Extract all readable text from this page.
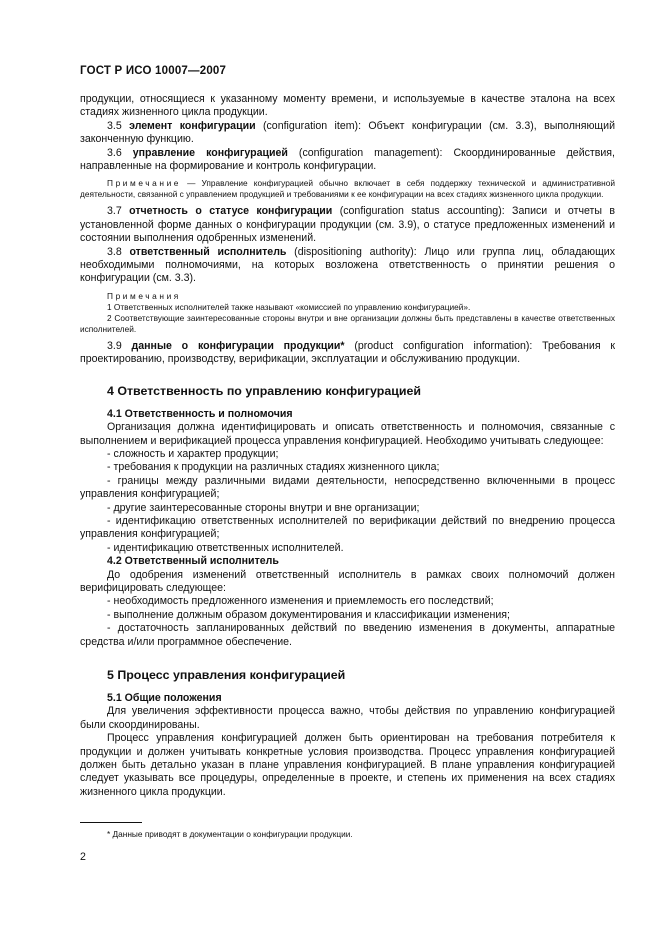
ГОСТ Р ИСО 10007—2007

продукции, относящиеся к указанному моменту времени, и используемые в качестве эталона на всех стадиях жизненного цикла продукции.

3.5 элемент конфигурации (configuration item): Объект конфигурации (см. 3.3), выполняющий законченную функцию.

3.6 управление конфигурацией (configuration management): Скоординированные действия, направленные на формирование и контроль конфигурации.

Примечание — Управление конфигурацией обычно включает в себя поддержку технической и административной деятельности, связанной с управлением продукцией и требованиями к ее конфигурации на всех стадиях жизненного цикла продукции.

3.7 отчетность о статусе конфигурации (configuration status accounting): Записи и отчеты в установленной форме данных о конфигурации продукции (см. 3.9), о статусе предложенных изменений и состоянии выполнения одобренных изменений.

3.8 ответственный исполнитель (dispositioning authority): Лицо или группа лиц, обладающих необходимыми полномочиями, на которых возложена ответственность о принятии решения о конфигурации (см. 3.3).

Примечания

1 Ответственных исполнителей также называют «комиссией по управлению конфигурацией».

2 Соответствующие заинтересованные стороны внутри и вне организации должны быть представлены в качестве ответственных исполнителей.

3.9 данные о конфигурации продукции* (product configuration information): Требования к проектированию, производству, верификации, эксплуатации и обслуживанию продукции.

4 Ответственность по управлению конфигурацией
4.1 Ответственность и полномочия

Организация должна идентифицировать и описать ответственность и полномочия, связанные с выполнением и верификацией процесса управления конфигурацией. Необходимо учитывать следующее:

- сложность и характер продукции;

- требования к продукции на различных стадиях жизненного цикла;

- границы между различными видами деятельности, непосредственно включенными в процесс управления конфигурацией;

- другие заинтересованные стороны внутри и вне организации;

- идентификацию ответственных исполнителей по верификации действий по внедрению процесса управления конфигурацией;

- идентификацию ответственных исполнителей.

4.2 Ответственный исполнитель

До одобрения изменений ответственный исполнитель в рамках своих полномочий должен верифицировать следующее:

- необходимость предложенного изменения и приемлемость его последствий;

- выполнение должным образом документирования и классификации изменения;

- достаточность запланированных действий по введению изменения в документы, аппаратные средства и/или программное обеспечение.

5 Процесс управления конфигурацией
5.1 Общие положения

Для увеличения эффективности процесса важно, чтобы действия по управлению конфигурацией были скоординированы.

Процесс управления конфигурацией должен быть ориентирован на требования потребителя к продукции и должен учитывать конкретные условия производства. Процесс управления конфигурацией должен быть детально указан в плане управления конфигурацией. В плане управления конфигурацией следует указывать все процедуры, определенные в проекте, и степень их применения на всех стадиях жизненного цикла продукции.

* Данные приводят в документации о конфигурации продукции.
2
